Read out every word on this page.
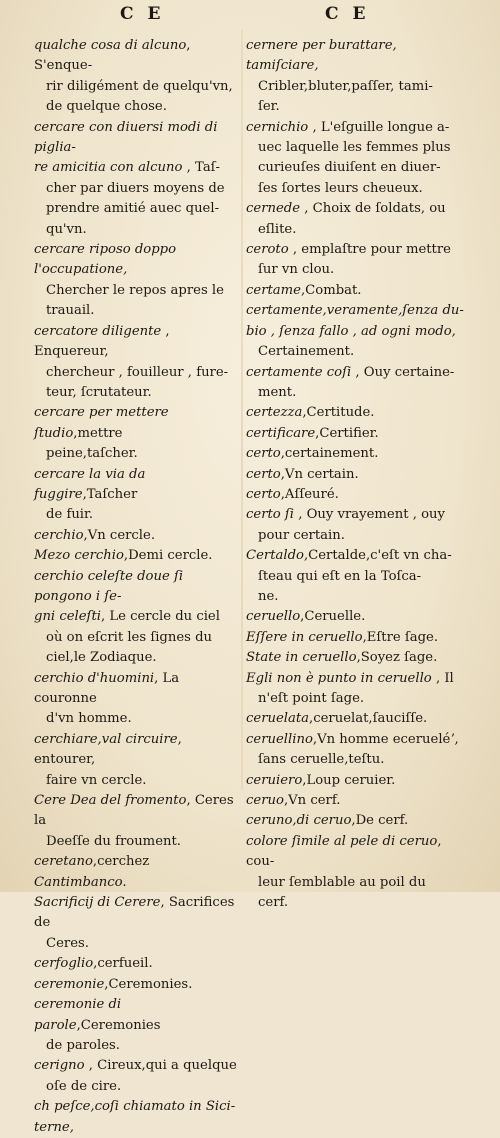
C E	C E
qualche cosa di alcuno, S'enque-
rir diligément de quelqu'vn,
de quelque chose.
cercare con diuersi modi di piglia-
re amicitia con alcuno , Taſ-
cher par diuers moyens de
prendre amitié auec quel-
qu'vn.
cercare riposo doppo l'occupatione,
Chercher le repos apres le
trauail.
cercatore diligente , Enquereur,
chercheur , fouilleur , fure-
teur, ſcrutateur.
cercare per mettere ſtudio,mettre
peine,taſcher.
cercare la via da fuggire,Taſcher
de fuir.
cerchio,Vn cercle.
Mezo cerchio,Demi cercle.
cerchio celeſte doue ſi pongono i ſe-
gni celeſti, Le cercle du ciel
où on eſcrit les ſignes du
ciel,le Zodiaque.
cerchio d'huomini, La couronne
d'vn homme.
cerchiare,val circuire, entourer,
faire vn cercle.
Cere Dea del fromento, Ceres la
Deeſſe du froument.
ceretano,cerchez Cantimbanco.
Sacrificij di Cerere, Sacrifices de
Ceres.
cerfoglio,cerfueil.
ceremonie,Ceremonies.
ceremonie di parole,Ceremonies
de paroles.
cerigno , Cireux,qui a quelque
oſe de cire.
ch peſce,coſi chiamato in Sici-
terne,
cernere per burattare, tamiſciare,
Cribler,bluter,paſſer, tami-
ſer.
cernichio , L'eſguille longue a-
uec laquelle les femmes plus
curieuſes diuiſent en diuer-
ſes ſortes leurs cheueux.
cernede , Choix de ſoldats, ou
eſlite.
ceroto , emplaſtre pour mettre
ſur vn clou.
certame,Combat.
certamente,veramente,ſenza du-
bio , ſenza fallo , ad ogni modo,
Certainement.
certamente coſi , Ouy certaine-
ment.
certezza,Certitude.
certificare,Certifier.
certo,certainement.
certo,Vn certain.
certo,Aſſeuré.
certo ſi , Ouy vrayement , ouy
pour certain.
Certaldo,Certalde,c'eſt vn cha-
ſteau qui eſt en la Toſca-
ne.
ceruello,Ceruelle.
Eſſere in ceruello,Eſtre ſage.
State in ceruello,Soyez ſage.
Egli non è punto in ceruello , Il
n'eſt point ſage.
ceruelata,ceruelat,ſauciſſe.
ceruellino,Vn homme ecerueléʼ,
ſans ceruelle,teſtu.
ceruiero,Loup ceruier.
ceruo,Vn cerf.
ceruno,di ceruo,De cerf.
colore ſimile al pele di ceruo, cou-
leur ſemblable au poil du
cerf.
